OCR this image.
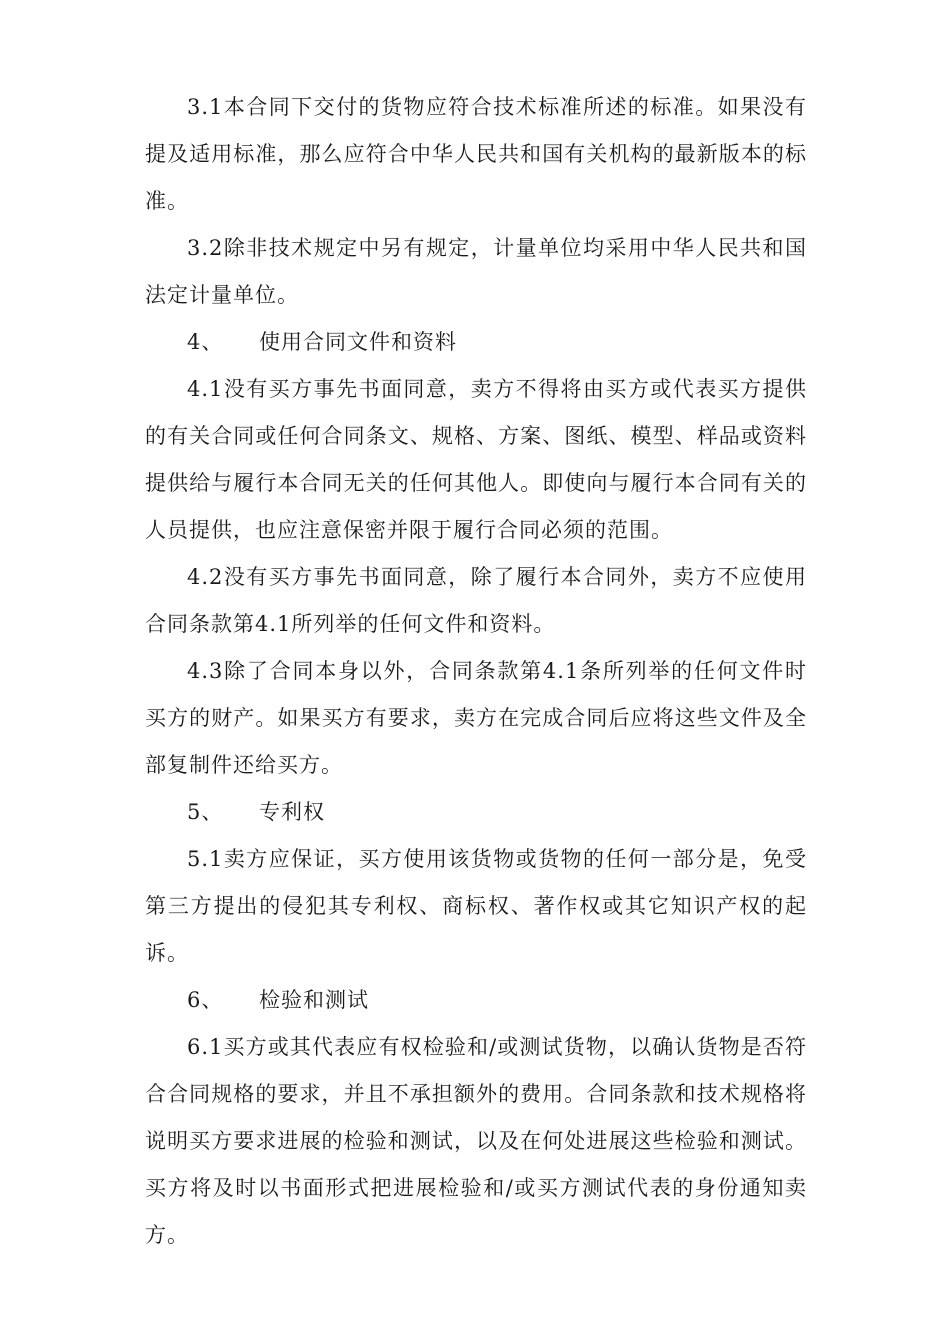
3.1本合同下交付的货物应符合技术标准所述的标准。如果没有提及适用标准，那么应符合中华人民共和国有关机构的最新版本的标准。

3.2除非技术规定中另有规定，计量单位均采用中华人民共和国法定计量单位。

4、 使用合同文件和资料

4.1没有买方事先书面同意，卖方不得将由买方或代表买方提供的有关合同或任何合同条文、规格、方案、图纸、模型、样品或资料提供给与履行本合同无关的任何其他人。即使向与履行本合同有关的人员提供，也应注意保密并限于履行合同必须的范围。

4.2没有买方事先书面同意，除了履行本合同外，卖方不应使用合同条款第4.1所列举的任何文件和资料。

4.3除了合同本身以外，合同条款第4.1条所列举的任何文件时买方的财产。如果买方有要求，卖方在完成合同后应将这些文件及全部复制件还给买方。

5、 专利权

5.1卖方应保证，买方使用该货物或货物的任何一部分是，免受第三方提出的侵犯其专利权、商标权、著作权或其它知识产权的起诉。

6、 检验和测试

6.1买方或其代表应有权检验和/或测试货物，以确认货物是否符合合同规格的要求，并且不承担额外的费用。合同条款和技术规格将说明买方要求进展的检验和测试，以及在何处进展这些检验和测试。买方将及时以书面形式把进展检验和/或买方测试代表的身份通知卖方。
